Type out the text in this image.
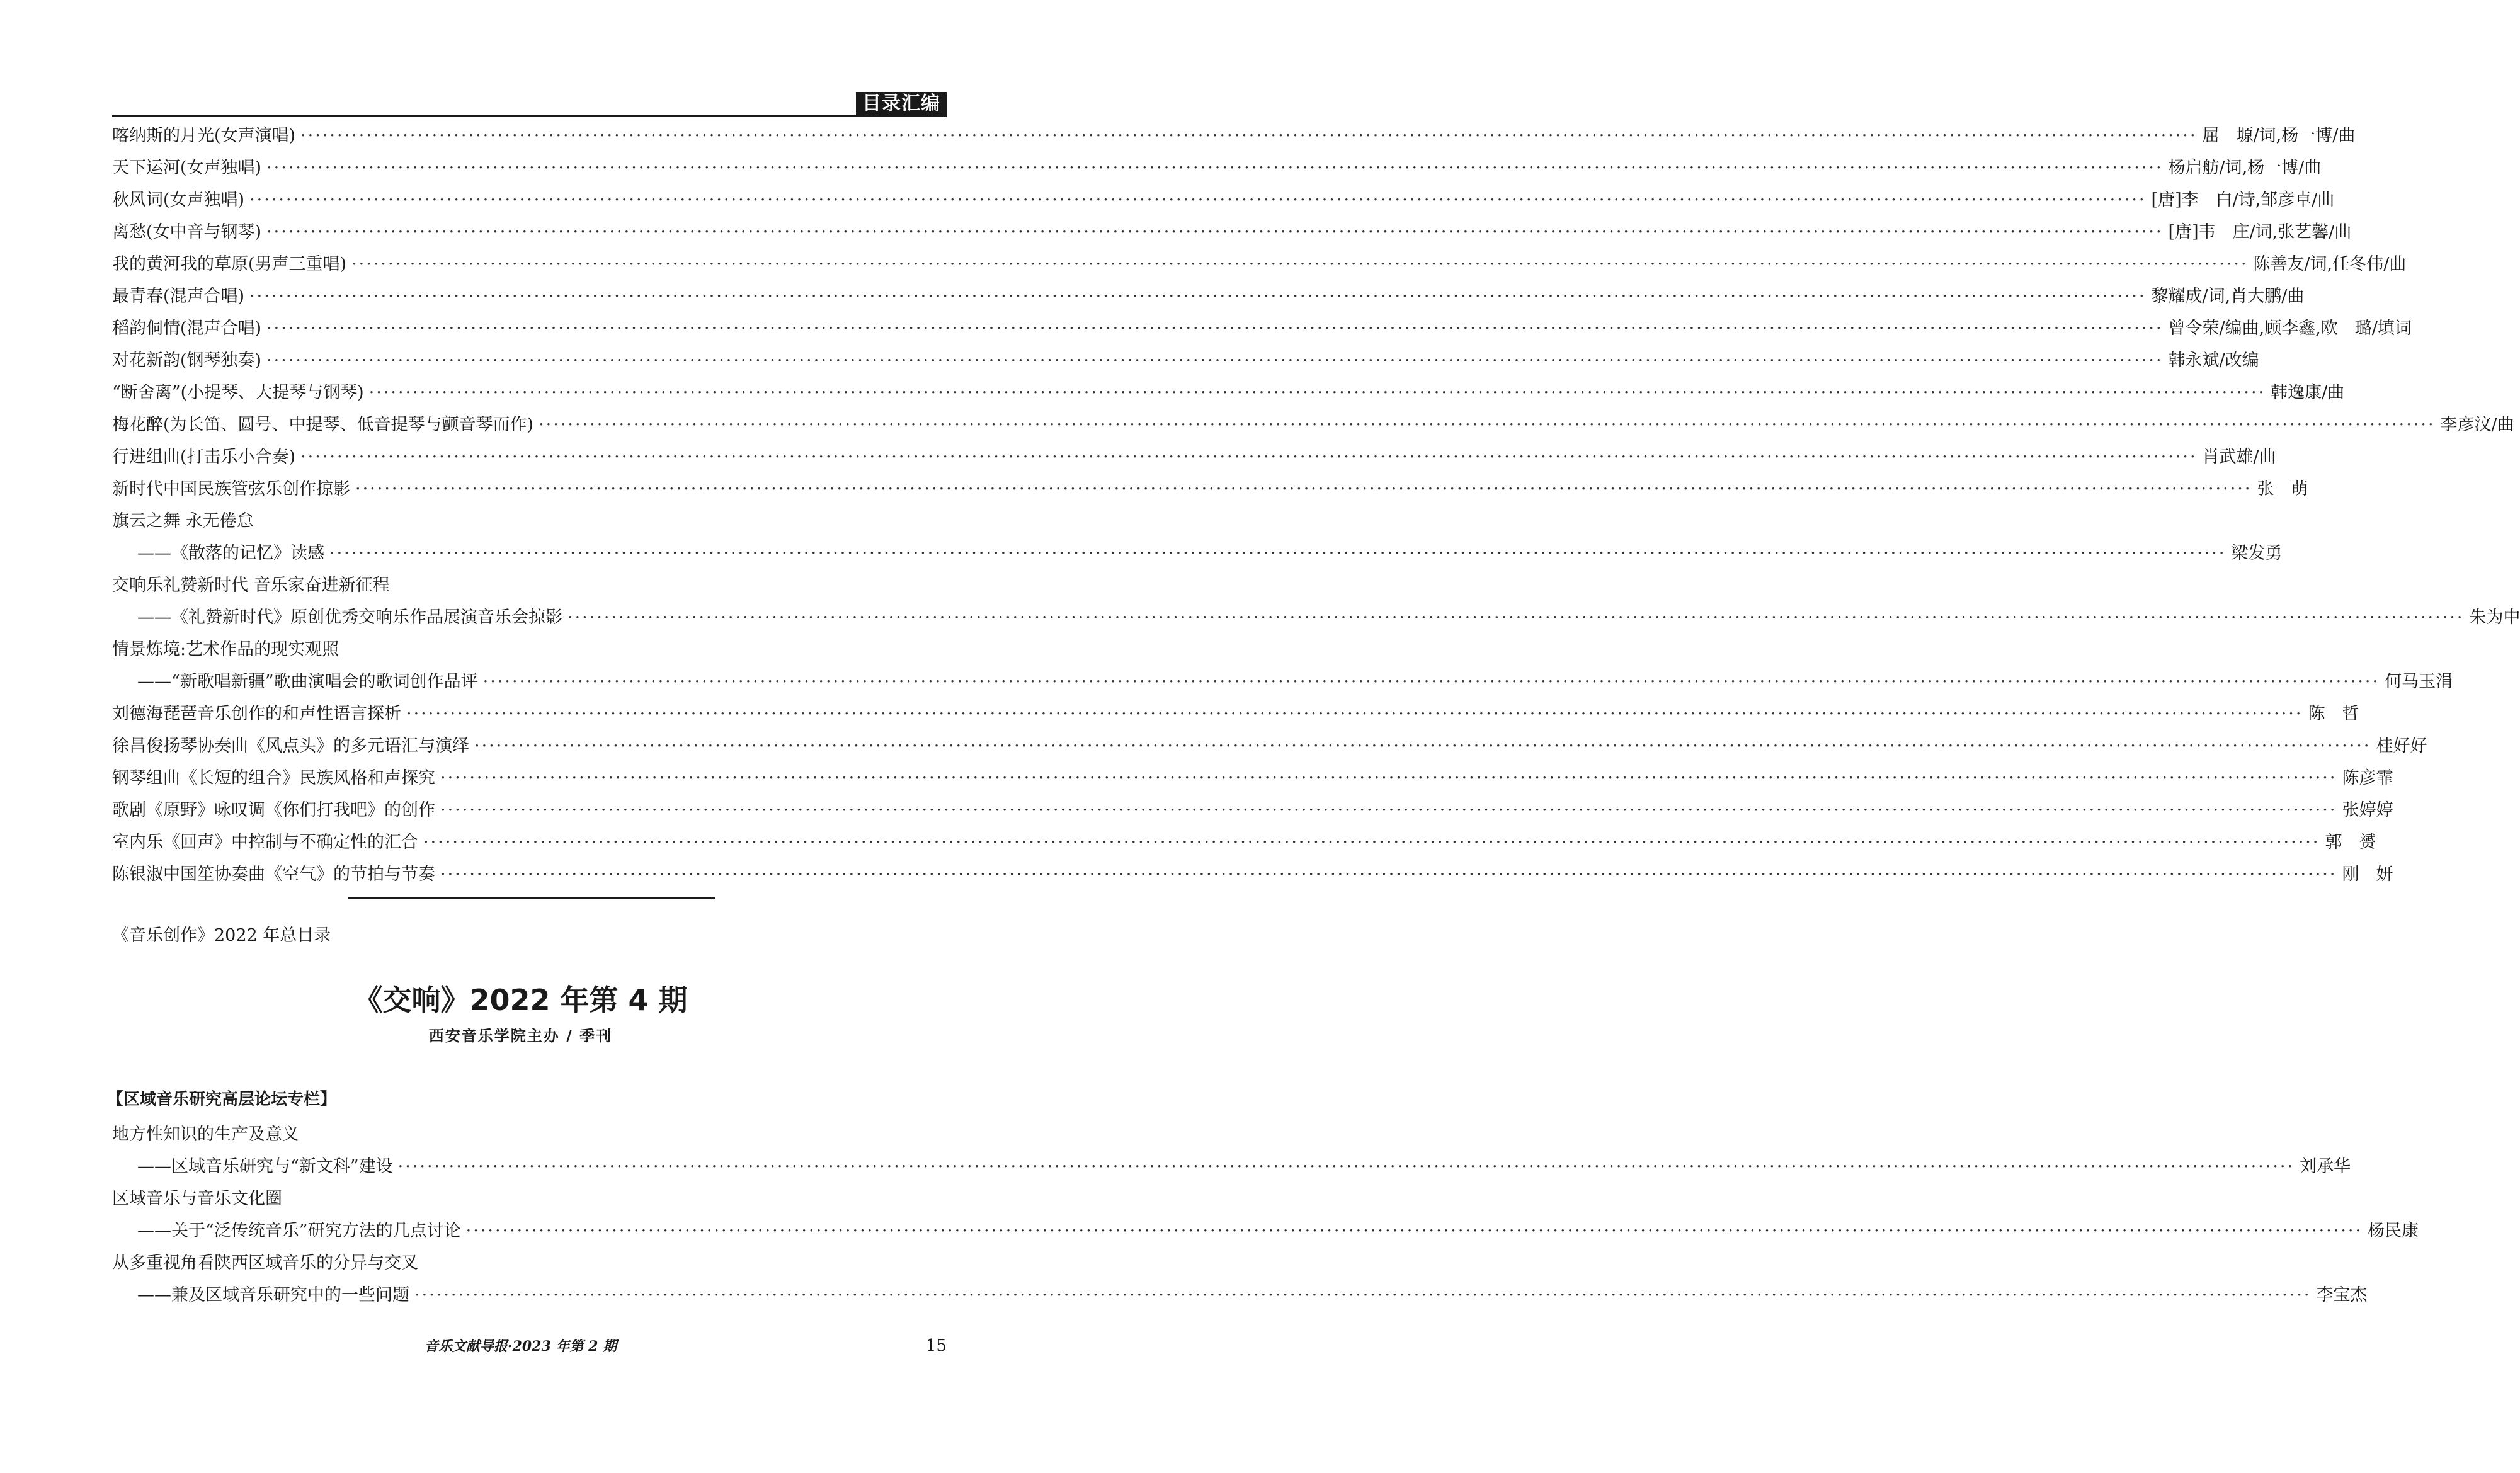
目录汇编
喀纳斯的月光(女声演唱) ···································································································································································································································································· 屈　塬/词,杨一博/曲
天下运河(女声独唱) ···································································································································································································································································· 杨启舫/词,杨一博/曲
秋风词(女声独唱) ···································································································································································································································································· [唐]李　白/诗,邹彦卓/曲
离愁(女中音与钢琴) ···································································································································································································································································· [唐]韦　庄/词,张艺馨/曲
我的黄河我的草原(男声三重唱) ···································································································································································································································································· 陈善友/词,任冬伟/曲
最青春(混声合唱) ···································································································································································································································································· 黎耀成/词,肖大鹏/曲
稻韵侗情(混声合唱) ···································································································································································································································································· 曾令荣/编曲,顾李鑫,欧　璐/填词
对花新韵(钢琴独奏) ···································································································································································································································································· 韩永斌/改编
“断舍离”(小提琴、大提琴与钢琴) ···································································································································································································································································· 韩逸康/曲
梅花醉(为长笛、圆号、中提琴、低音提琴与颤音琴而作) ···································································································································································································································································· 李彦汶/曲
行进组曲(打击乐小合奏) ···································································································································································································································································· 肖武雄/曲
新时代中国民族管弦乐创作掠影 ···································································································································································································································································· 张　萌
旗云之舞 永无倦怠
——《散落的记忆》读感 ···································································································································································································································································· 梁发勇
交响乐礼赞新时代 音乐家奋进新征程
——《礼赞新时代》原创优秀交响乐作品展演音乐会掠影 ···································································································································································································································································· 朱为中
情景炼境:艺术作品的现实观照
——“新歌唱新疆”歌曲演唱会的歌词创作品评 ···································································································································································································································································· 何马玉涓
刘德海琵琶音乐创作的和声性语言探析 ···································································································································································································································································· 陈　哲
徐昌俊扬琴协奏曲《风点头》的多元语汇与演绎 ···································································································································································································································································· 桂好好
钢琴组曲《长短的组合》民族风格和声探究 ···································································································································································································································································· 陈彦霏
歌剧《原野》咏叹调《你们打我吧》的创作 ···································································································································································································································································· 张婷婷
室内乐《回声》中控制与不确定性的汇合 ···································································································································································································································································· 郭　赟
陈银淑中国笙协奏曲《空气》的节拍与节奏 ···································································································································································································································································· 刚　妍
《音乐创作》2022 年总目录
《交响》2022 年第 4 期
西安音乐学院主办 / 季刊
【区域音乐研究高层论坛专栏】
地方性知识的生产及意义
——区域音乐研究与“新文科”建设 ···································································································································································································································································· 刘承华
区域音乐与音乐文化圈
——关于“泛传统音乐”研究方法的几点讨论 ···································································································································································································································································· 杨民康
从多重视角看陕西区域音乐的分异与交叉
——兼及区域音乐研究中的一些问题 ···································································································································································································································································· 李宝杰
音乐文献导报·2023 年第 2 期	15
